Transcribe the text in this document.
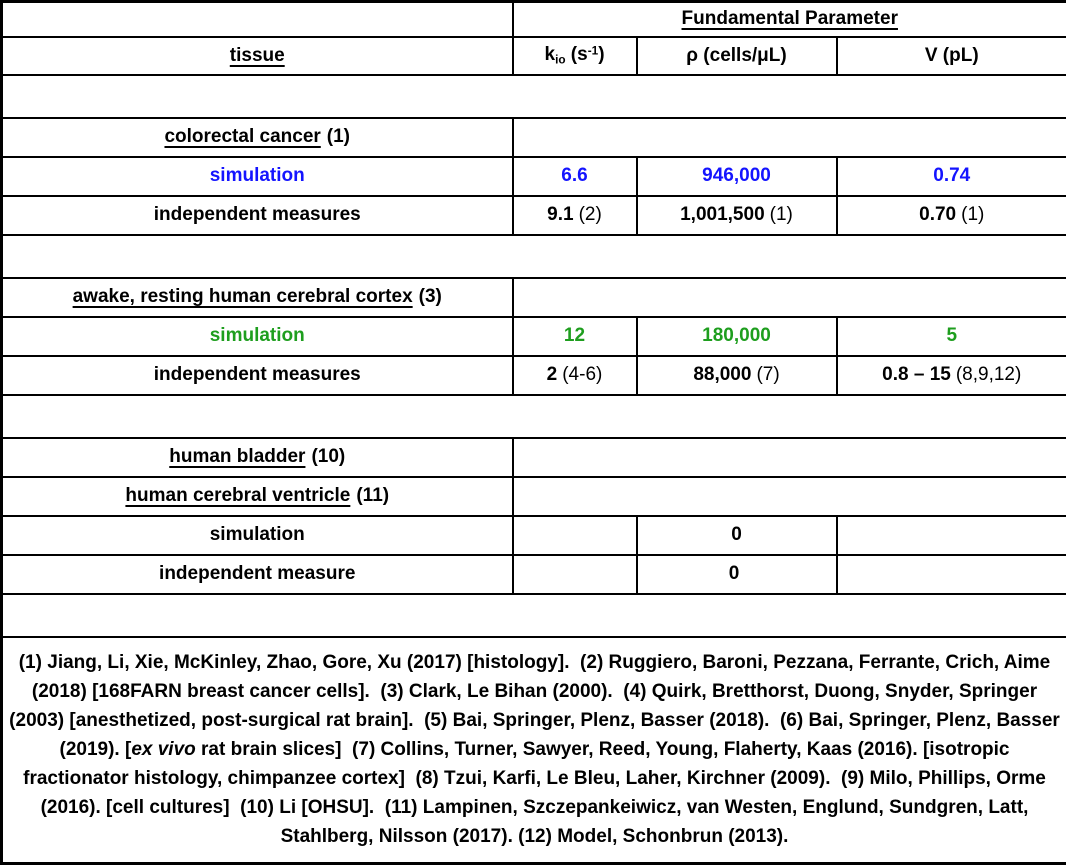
	Fundamental Parameter		
tissue	$k_{io}$ $(s^{-1})$	ρ (cells/μL)	V (pL)

colorectal cancer (1)			
simulation	6.6	946,000	0.74
independent measures	9.1 (2)	1,001,500 (1)	0.70 (1)

awake, resting human cerebral cortex (3)			
simulation	12	180,000	5
independent measures	2 (4-6)	88,000 (7)	0.8 – 15 (8,9,12)

human bladder (10)			
human cerebral ventricle (11)			
simulation		0	
independent measure		0	

(1) Jiang, Li, Xie, McKinley, Zhao, Gore, Xu (2017) [histology].  (2) Ruggiero, Baroni, Pezzana, Ferrante, Crich, Aime (2018) [168FARN breast cancer cells].  (3) Clark, Le Bihan (2000).  (4) Quirk, Bretthorst, Duong, Snyder, Springer (2003) [anesthetized, post-surgical rat brain].  (5) Bai, Springer, Plenz, Basser (2018).  (6) Bai, Springer, Plenz, Basser (2019). [ex vivo rat brain slices]  (7) Collins, Turner, Sawyer, Reed, Young, Flaherty, Kaas (2016). [isotropic fractionator histology, chimpanzee cortex]  (8) Tzui, Karfi, Le Bleu, Laher, Kirchner (2009).  (9) Milo, Phillips, Orme (2016). [cell cultures]  (10) Li [OHSU].  (11) Lampinen, Szczepankeiwicz, van Westen, Englund, Sundgren, Latt, Stahlberg, Nilsson (2017). (12) Model, Schonbrun (2013).			
